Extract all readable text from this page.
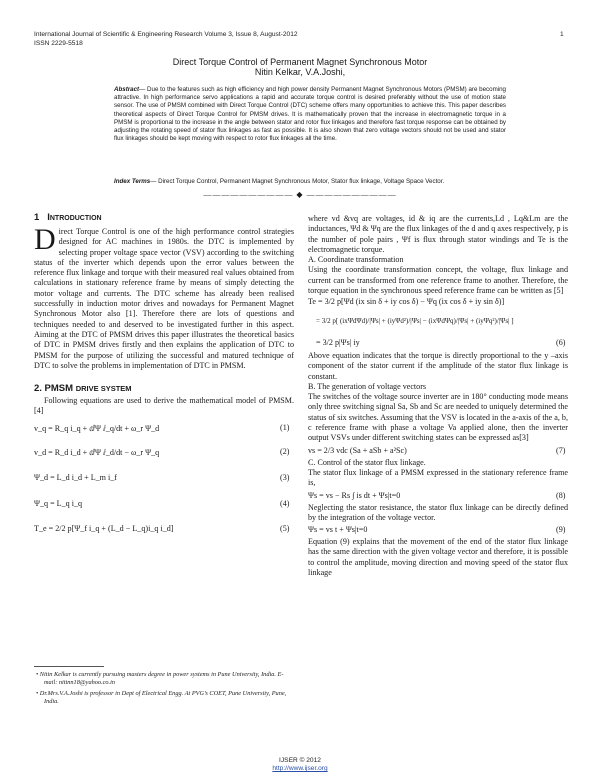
International Journal of Scientific & Engineering Research Volume 3, Issue 8, August-2012	1
ISSN 2229-5518
Direct Torque Control of Permanent Magnet Synchronous Motor
Nitin Kelkar, V.A.Joshi,
Abstract— Due to the features such as high efficiency and high power density Permanent Magnet Synchronous Motors (PMSM) are becoming attractive. In high performance servo applications a rapid and accurate torque control is desired preferably without the use of motion state sensor. The use of PMSM combined with Direct Torque Control (DTC) scheme offers many opportunities to achieve this. This paper describes theoretical aspects of Direct Torque Control for PMSM drives. It is mathematically proven that the increase in electromagnetic torque in a PMSM is proportional to the increase in the angle between stator and rotor flux linkages and therefore fast torque response can be obtained by adjusting the rotating speed of stator flux linkages as fast as possible. It is also shown that zero voltage vectors should not be used and stator flux linkages should be kept moving with respect to rotor flux linkages all the time.
Index Terms— Direct Torque Control, Permanent Magnet Synchronous Motor, Stator flux linkage, Voltage Space Vector.
—————————— ◆ ——————————
1 Introduction
Direct Torque Control is one of the high performance control strategies designed for AC machines in 1980s. the DTC is implemented by selecting proper voltage space vector (VSV) according to the switching status of the inverter which depends upon the error values between the reference flux linkage and torque with their measured real values obtained from calculations in stationary reference frame by means of simply detecting the motor voltage and currents. The DTC scheme has already been realised successfully in induction motor drives and nowadays for Permanent Magnet Synchronous Motor also [1]. Therefore there are lots of questions and techniques needed to and deserved to be investigated further in this aspect. Aiming at the DTC of PMSM drives this paper illustrates the theoretical basics of DTC in PMSM drives firstly and then explains the application of DTC to PMSM for the purpose of utilizing the successful and matured technique of DTC to solve the problems in implementation of DTC in PMSM.
2. PMSM DRIVE SYSTEM
Following equations are used to derive the mathematical model of PMSM. [4]
v_q = R_q i_q + ⅆΨ ⅈ_q/dt + ω_r Ψ_d	(1)
v_d = R_d i_d + ⅆΨ ⅈ_d/dt − ω_r Ψ_q	(2)
Ψ_d = L_d i_d + L_m i_f	(3)
Ψ_q = L_q i_q	(4)
T_e = 2/2 p[Ψ_f i_q + (L_d − L_q)i_q i_d]	(5)
• Nitin Kelkar is currently pursuing masters degree in power systems in Pune University, India. E-mail: nitinn18@yahoo.co.in
• Dr.Mrs.V.A.Joshi is professor in Dept of Electrical Engg. At PVG’s COET, Pune University, Pune, India.
where vd &vq are voltages, id & iq are the currents,Ld , Lq&Lm are the inductances, Ψd & Ψq are the flux linkages of the d and q axes respectively, p is the number of pole pairs , Ψf is flux through stator windings and Te is the electromagnetic torque.
A. Coordinate transformation
Using the coordinate transformation concept, the voltage, flux linkage and current can be transformed from one reference frame to another. Therefore, the torque equation in the synchronous speed reference frame can be written as [5]
Te = 3/2 p[Ψd (ix sin δ + iy cos δ) − Ψq (ix cos δ + iy sin δ)]
= 3/2 p[ (ixΨdΨd)/|Ψs| + (iyΨd²)/|Ψs| − (ixΨdΨq)/|Ψs| + (iyΨq²)/|Ψs| ]
= 3/2 p|Ψs| iy	(6)
Above equation indicates that the torque is directly proportional to the y –axis component of the stator current if the amplitude of the stator flux linkage is constant.
B. The generation of voltage vectors
The switches of the voltage source inverter are in 180° conducting mode means only three switching signal Sa, Sb and Sc are needed to uniquely determined the status of six switches. Assuming that the VSV is located in the a-axis of the a, b, c reference frame with phase a voltage Va applied alone, then the inverter output VSVs under different switching states can be expressed as[3]
vs = 2/3 vdc (Sa + aSb + a²Sc)	(7)
C. Control of the stator flux linkage.
The stator flux linkage of a PMSM expressed in the stationary reference frame is,
Ψs = vs − Rs ∫ is dt + Ψs|t=0	(8)
Neglecting the stator resistance, the stator flux linkage can be directly defined by the integration of the voltage vector.
Ψs = vs t + Ψs|t=0	(9)
Equation (9) explains that the movement of the end of the stator flux linkage has the same direction with the given voltage vector and therefore, it is possible to control the amplitude, moving direction and moving speed of the stator flux linkage
IJSER © 2012
http://www.ijser.org
